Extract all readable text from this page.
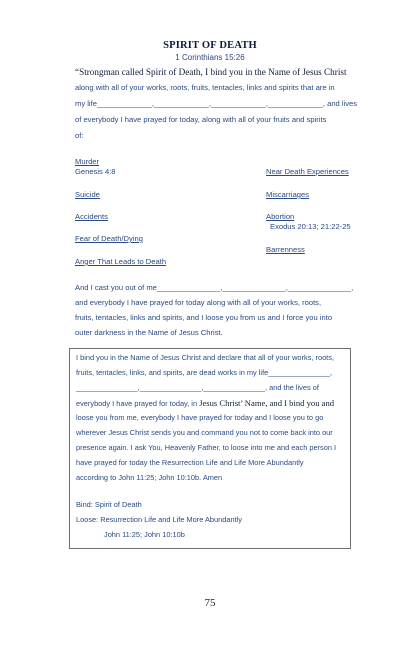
SPIRIT OF DEATH
1 Corinthians 15:26
“Strongman called Spirit of Death, I bind you in the Name of Jesus Christ
along with all of your works, roots, fruits, tentacles, links and spirits that are in
my life_____________,_____________,_____________,_____________, and lives
of everybody I have prayed for today, along with all of your fruits and spirits
of:
Murder
Genesis 4:8
Suicide
Accidents
Fear of Death/Dying
Anger That Leads to Death
Near Death Experiences
Miscarriages
Abortion
Exodus 20:13; 21:22-25
Barrenness
And I cast you out of me_______________,_______________,_______________,
and everybody I have prayed for today along with all of your works, roots,
fruits, tentacles, links and spirits, and I loose you from us and I force you into
outer darkness in the Name of Jesus Christ.
I bind you in the Name of Jesus Christ and declare that all of your works, roots,
fruits, tentacles, links, and spirits, are dead works in my life_______________,
_______________,_______________,_______________, and the lives of
everybody I have prayed for today, in Jesus Christ’ Name, and I bind you and
loose you from me, everybody I have prayed for today and I loose you to go
wherever Jesus Christ sends you and command you not to come back into our
presence again. I ask You, Heavenly Father, to loose into me and each person I
have prayed for today the Resurrection Life and Life More Abundantly
according to John 11:25; John 10:10b. Amen
Bind: Spirit of Death
Loose: Resurrection Life and Life More Abundantly
John 11:25; John 10:10b
75
